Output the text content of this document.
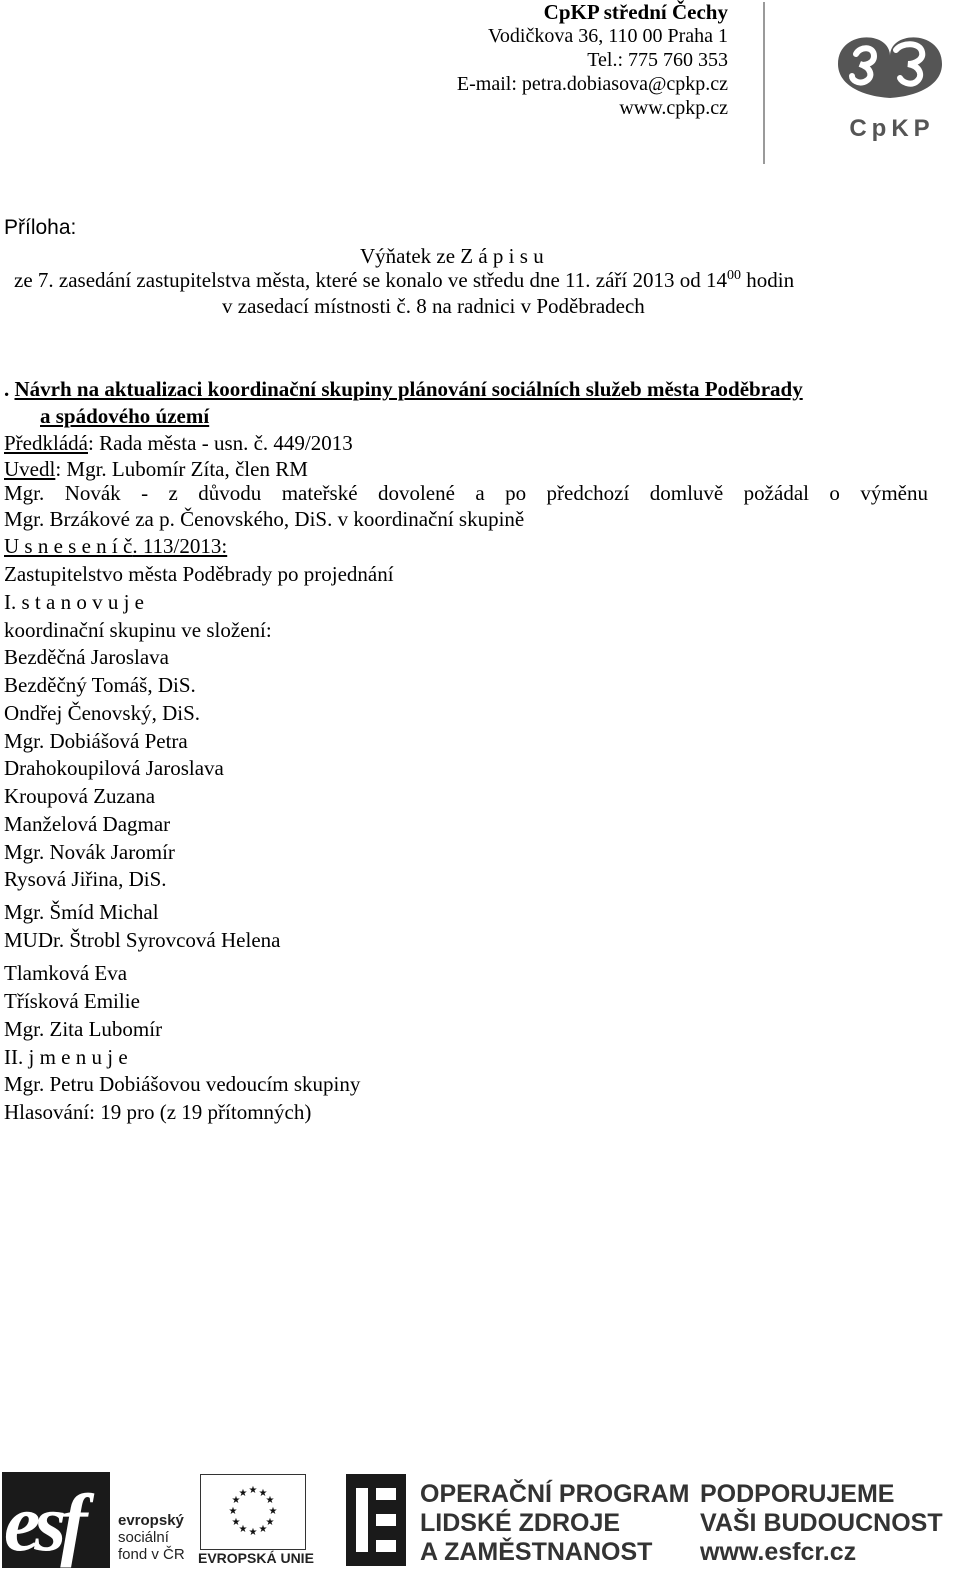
CpKP střední Čechy
Vodičkova 36, 110 00 Praha 1
Tel.: 775 760 353
E-mail: petra.dobiasova@cpkp.cz
www.cpkp.cz
CpKP
Příloha:
Výňatek ze Z á p i s u
ze 7. zasedání zastupitelstva města, které se konalo ve středu dne 11. září 2013 od $14^{00}$ hodin
v zasedací místnosti č. 8 na radnici v Poděbradech
. Návrh na aktualizaci koordinační skupiny plánování sociálních služeb města Poděbrady
a spádového území
Předkládá: Rada města - usn. č. 449/2013
Uvedl: Mgr. Lubomír Zíta, člen RM
Mgr. Novák - z důvodu mateřské dovolené a po předchozí domluvě požádal o výměnu
Mgr. Brzákové za p. Čenovského, DiS. v koordinační skupině
U s n e s e n í č. 113/2013:
Zastupitelstvo města Poděbrady po projednání
I. s t a n o v u j e
koordinační skupinu ve složení:
Bezděčná Jaroslava
Bezděčný Tomáš, DiS.
Ondřej Čenovský, DiS.
Mgr. Dobiášová Petra
Drahokoupilová Jaroslava
Kroupová Zuzana
Manželová Dagmar
Mgr. Novák Jaromír
Rysová Jiřina, DiS.
Mgr. Šmíd Michal
MUDr. Štrobl Syrovcová Helena
Tlamková Eva
Třísková Emilie
Mgr. Zita Lubomír
II. j m e n u j e
Mgr. Petru Dobiášovou vedoucím skupiny
Hlasování: 19 pro (z 19 přítomných)
esf evropský
sociální
fond v ČR
★ ★
★
★
★
★
★
★
★
★
★
★
EVROPSKÁ UNIE
OPERAČNÍ PROGRAM
LIDSKÉ ZDROJE
A ZAMĚSTNANOST
PODPORUJEME
VAŠI BUDOUCNOST
www.esfcr.cz
